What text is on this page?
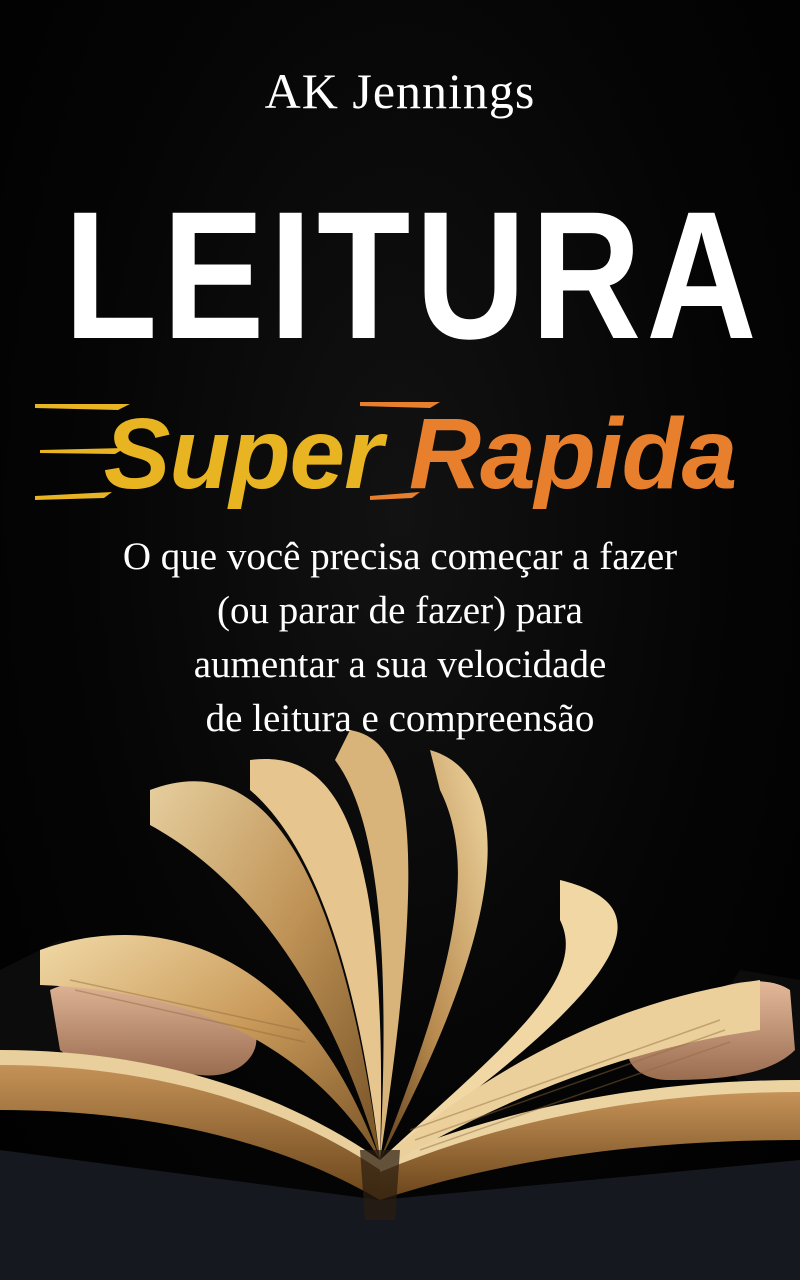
AK Jennings
LEITURA
Super Rapida
O que você precisa começar a fazer
(ou parar de fazer) para
aumentar a sua velocidade
de leitura e compreensão
